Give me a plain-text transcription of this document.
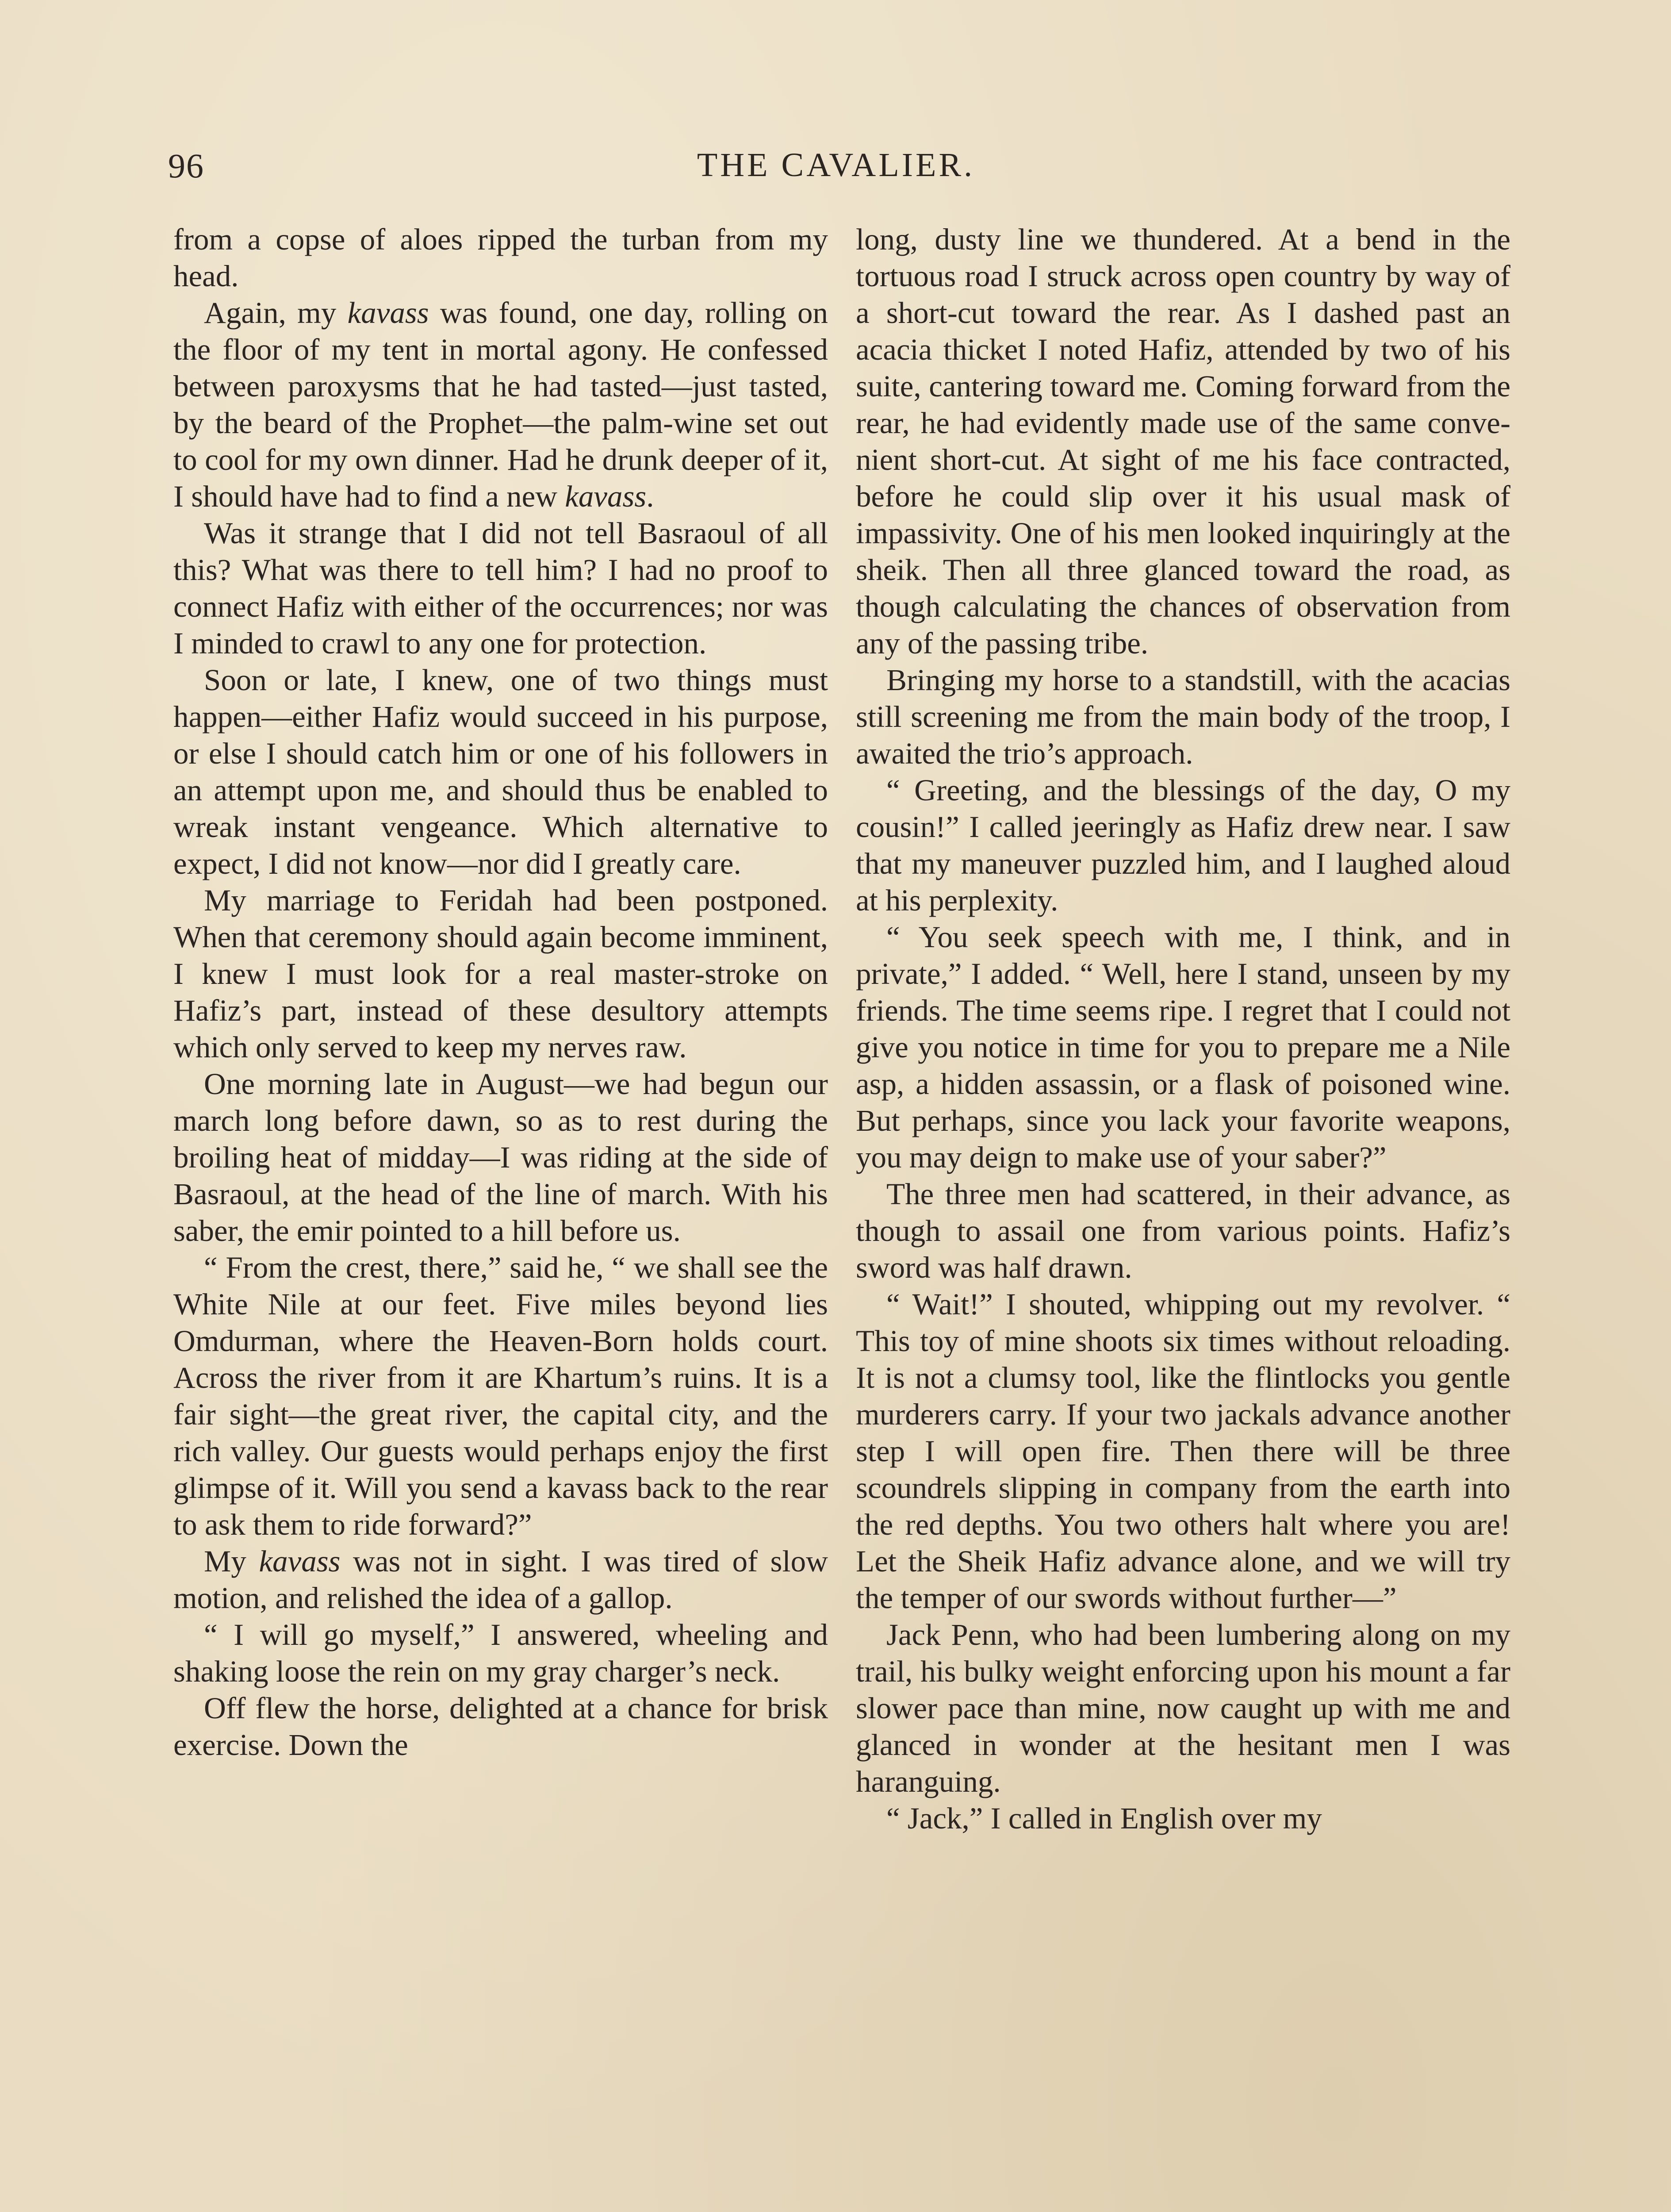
96	THE CAVALIER.

from a copse of aloes ripped the turban from my head.

Again, my kavass was found, one day, rolling on the floor of my tent in mortal agony. He confessed between paroxysms that he had tasted—just tasted, by the beard of the Prophet—the palm-wine set out to cool for my own dinner. Had he drunk deeper of it, I should have had to find a new kavass.

Was it strange that I did not tell Basraoul of all this? What was there to tell him? I had no proof to connect Hafiz with either of the occurrences; nor was I minded to crawl to any one for protection.

Soon or late, I knew, one of two things must happen—either Hafiz would succeed in his purpose, or else I should catch him or one of his followers in an attempt upon me, and should thus be enabled to wreak instant vengeance. Which alternative to expect, I did not know—nor did I greatly care.

My marriage to Feridah had been postponed. When that ceremony should again become imminent, I knew I must look for a real master-stroke on Hafiz’s part, instead of these desultory attempts which only served to keep my nerves raw.

One morning late in August—we had begun our march long before dawn, so as to rest during the broiling heat of midday—I was riding at the side of Basraoul, at the head of the line of march. With his saber, the emir pointed to a hill before us.

“ From the crest, there,” said he, “ we shall see the White Nile at our feet. Five miles beyond lies Omdurman, where the Heaven-Born holds court. Across the river from it are Khartum’s ruins. It is a fair sight—the great river, the capital city, and the rich valley. Our guests would perhaps enjoy the first glimpse of it. Will you send a kavass back to the rear to ask them to ride forward?”

My kavass was not in sight. I was tired of slow motion, and relished the idea of a gallop.

“ I will go myself,” I answered, wheeling and shaking loose the rein on my gray charger’s neck.

Off flew the horse, delighted at a chance for brisk exercise. Down the

long, dusty line we thundered. At a bend in the tortuous road I struck across open country by way of a short-cut toward the rear. As I dashed past an acacia thicket I noted Hafiz, attended by two of his suite, cantering toward me. Coming forward from the rear, he had evidently made use of the same convenient short-cut. At sight of me his face contracted, before he could slip over it his usual mask of impassivity. One of his men looked inquiringly at the sheik. Then all three glanced toward the road, as though calculating the chances of observation from any of the passing tribe.

Bringing my horse to a standstill, with the acacias still screening me from the main body of the troop, I awaited the trio’s approach.

“ Greeting, and the blessings of the day, O my cousin!” I called jeeringly as Hafiz drew near. I saw that my maneuver puzzled him, and I laughed aloud at his perplexity.

“ You seek speech with me, I think, and in private,” I added. “ Well, here I stand, unseen by my friends. The time seems ripe. I regret that I could not give you notice in time for you to prepare me a Nile asp, a hidden assassin, or a flask of poisoned wine. But perhaps, since you lack your favorite weapons, you may deign to make use of your saber?”

The three men had scattered, in their advance, as though to assail one from various points. Hafiz’s sword was half drawn.

“ Wait!” I shouted, whipping out my revolver. “ This toy of mine shoots six times without reloading. It is not a clumsy tool, like the flintlocks you gentle murderers carry. If your two jackals advance another step I will open fire. Then there will be three scoundrels slipping in company from the earth into the red depths. You two others halt where you are! Let the Sheik Hafiz advance alone, and we will try the temper of our swords without further—”

Jack Penn, who had been lumbering along on my trail, his bulky weight enforcing upon his mount a far slower pace than mine, now caught up with me and glanced in wonder at the hesitant men I was haranguing.

“ Jack,” I called in English over my
